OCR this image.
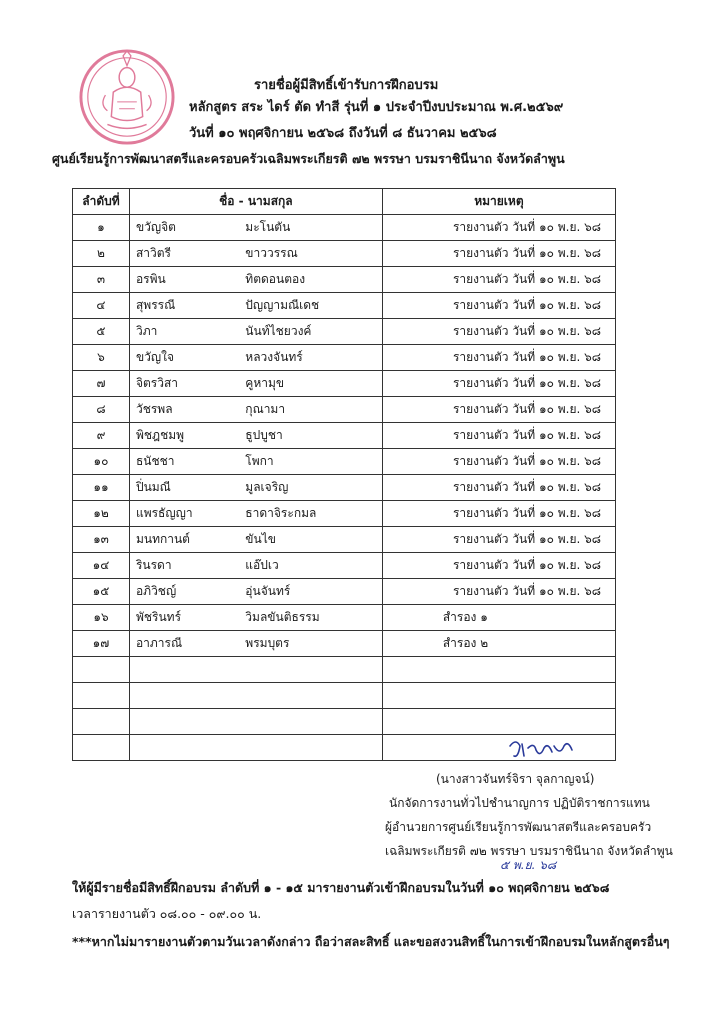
รายชื่อผู้มีสิทธิ์เข้ารับการฝึกอบรม
หลักสูตร สระ ไดร์ ตัด ทำสี รุ่นที่ ๑ ประจำปีงบประมาณ พ.ศ.๒๕๖๙
วันที่ ๑๐ พฤศจิกายน ๒๕๖๘ ถึงวันที่ ๘ ธันวาคม ๒๕๖๘
ศูนย์เรียนรู้การพัฒนาสตรีและครอบครัวเฉลิมพระเกียรติ ๗๒ พรรษา บรมราชินีนาถ จังหวัดลำพูน
ลำดับที่	ชื่อ - นามสกุล		หมายเหตุ
๑	ขวัญจิต	มะโนตัน	รายงานตัว วันที่ ๑๐ พ.ย. ๖๘
๒	สาวิตรี	ขาววรรณ	รายงานตัว วันที่ ๑๐ พ.ย. ๖๘
๓	อรพิน	ทิตดอนตอง	รายงานตัว วันที่ ๑๐ พ.ย. ๖๘
๔	สุพรรณี	ปัญญามณีเดช	รายงานตัว วันที่ ๑๐ พ.ย. ๖๘
๕	วิภา	นันท์ไชยวงค์	รายงานตัว วันที่ ๑๐ พ.ย. ๖๘
๖	ขวัญใจ	หลวงจันทร์	รายงานตัว วันที่ ๑๐ พ.ย. ๖๘
๗	จิตรวิสา	คูหามุข	รายงานตัว วันที่ ๑๐ พ.ย. ๖๘
๘	วัชรพล	กุณามา	รายงานตัว วันที่ ๑๐ พ.ย. ๖๘
๙	พิชฎชมพู	ธูปบูชา	รายงานตัว วันที่ ๑๐ พ.ย. ๖๘
๑๐	ธนัชชา	โพกา	รายงานตัว วันที่ ๑๐ พ.ย. ๖๘
๑๑	ปิ่นมณี	มูลเจริญ	รายงานตัว วันที่ ๑๐ พ.ย. ๖๘
๑๒	แพรธัญญา	ธาดาจิระกมล	รายงานตัว วันที่ ๑๐ พ.ย. ๖๘
๑๓	มนทกานต์	ขันไข	รายงานตัว วันที่ ๑๐ พ.ย. ๖๘
๑๔	รินรดา	แอ๊ปเว	รายงานตัว วันที่ ๑๐ พ.ย. ๖๘
๑๕	อภิวิชญ์	อุ่นจันทร์	รายงานตัว วันที่ ๑๐ พ.ย. ๖๘
๑๖	พัชรินทร์	วิมลขันติธรรม	สำรอง ๑
๑๗	อาภารณี	พรมบุตร	สำรอง ๒

(นางสาวจันทร์จิรา จุลกาญจน์)
นักจัดการงานทั่วไปชำนาญการ ปฏิบัติราชการแทน
ผู้อำนวยการศูนย์เรียนรู้การพัฒนาสตรีและครอบครัว
เฉลิมพระเกียรติ ๗๒ พรรษา บรมราชินีนาถ จังหวัดลำพูน
๕ พ.ย. ๖๘
ให้ผู้มีรายชื่อมีสิทธิ์ฝึกอบรม ลำดับที่ ๑ - ๑๕ มารายงานตัวเข้าฝึกอบรมในวันที่ ๑๐ พฤศจิกายน ๒๕๖๘
เวลารายงานตัว ๐๘.๐๐ - ๐๙.๐๐ น.
***หากไม่มารายงานตัวตามวันเวลาดังกล่าว ถือว่าสละสิทธิ์ และขอสงวนสิทธิ์ในการเข้าฝึกอบรมในหลักสูตรอื่นๆ
